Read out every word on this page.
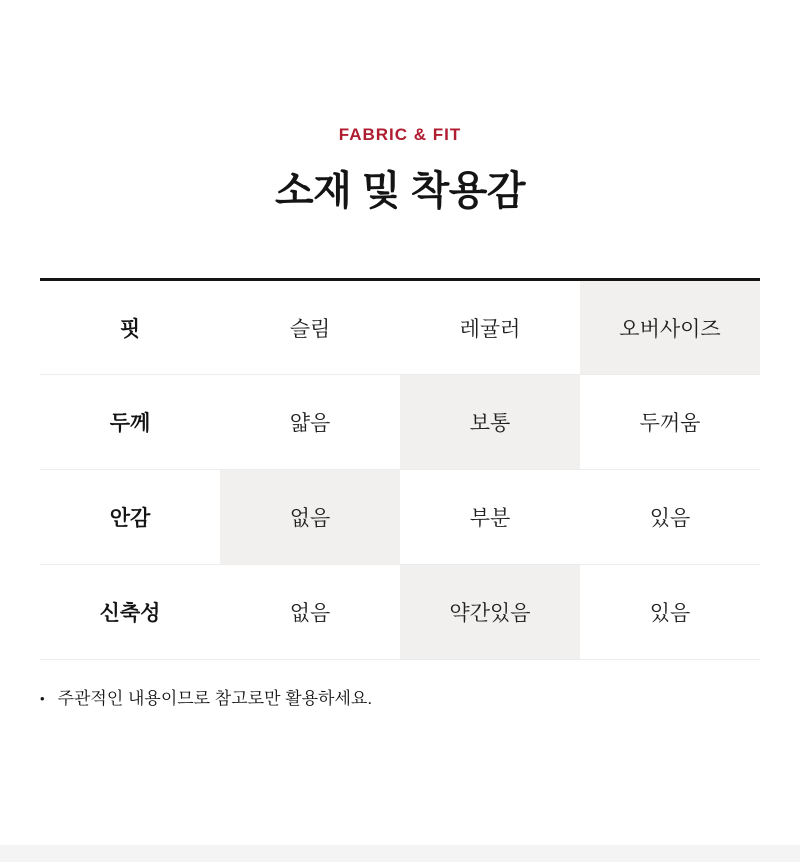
FABRIC & FIT
소재 및 착용감
핏	슬림	레귤러	오버사이즈
두께	얇음	보통	두꺼움
안감	없음	부분	있음
신축성	없음	약간있음	있음
• 주관적인 내용이므로 참고로만 활용하세요.
